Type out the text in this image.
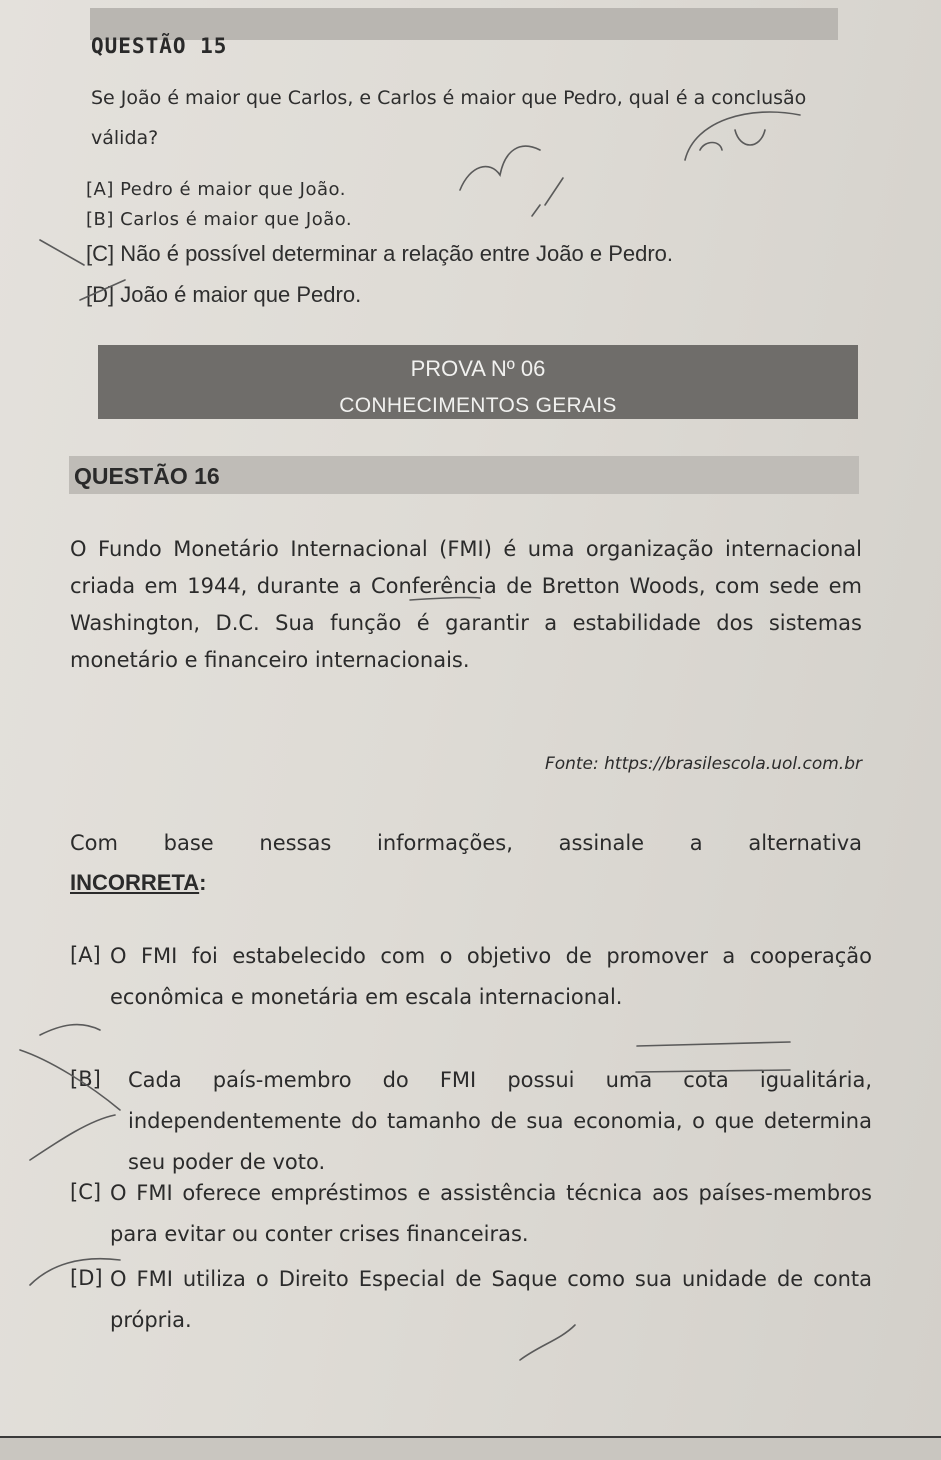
QUESTÃO 15
Se João é maior que Carlos, e Carlos é maior que Pedro, qual é a conclusão válida?
[A] Pedro é maior que João.
[B] Carlos é maior que João.
[C] Não é possível determinar a relação entre João e Pedro.
[D] João é maior que Pedro.
PROVA Nº 06
CONHECIMENTOS GERAIS
QUESTÃO 16
O Fundo Monetário Internacional (FMI) é uma organização internacional criada em 1944, durante a Conferência de Bretton Woods, com sede em Washington, D.C. Sua função é garantir a estabilidade dos sistemas monetário e financeiro internacionais.
Fonte: https://brasilescola.uol.com.br
Com base nessas informações, assinale a alternativa
INCORRETA:
[A] O FMI foi estabelecido com o objetivo de promover a cooperação econômica e monetária em escala internacional.
[B] Cada país-membro do FMI possui uma cota igualitária, independentemente do tamanho de sua economia, o que determina seu poder de voto.
[C] O FMI oferece empréstimos e assistência técnica aos países-membros para evitar ou conter crises financeiras.
[D] O FMI utiliza o Direito Especial de Saque como sua unidade de conta própria.
